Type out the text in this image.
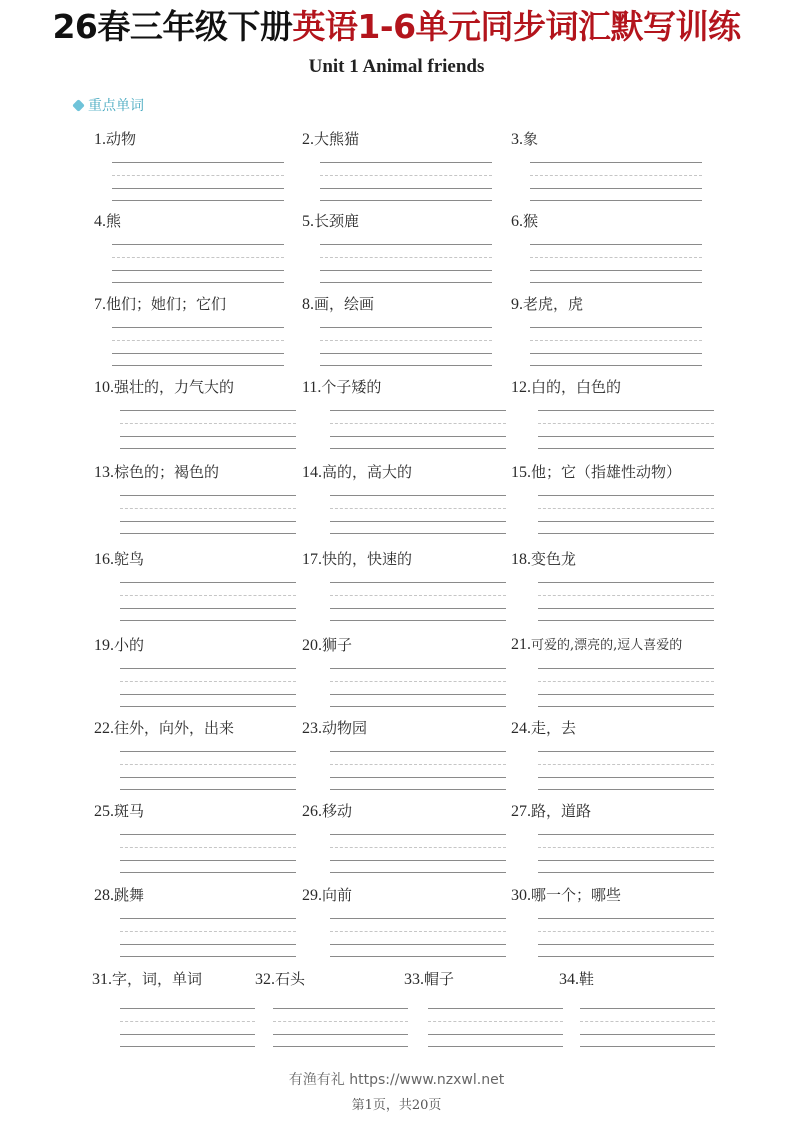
26春三年级下册英语1-6单元同步词汇默写训练
Unit 1 Animal friends
重点单词
1.动物	2.大熊猫	3.象
4.熊	5.长颈鹿	6.猴
7.他们；她们；它们	8.画，绘画	9.老虎，虎
10.强壮的，力气大的	11.个子矮的	12.白的，白色的
13.棕色的；褐色的	14.高的，高大的	15.他；它（指雄性动物）
16.鸵鸟	17.快的，快速的	18.变色龙
19.小的	20.狮子	21.可爱的,漂亮的,逗人喜爱的
22.往外，向外，出来	23.动物园	24.走，去
25.斑马	26.移动	27.路，道路
28.跳舞	29.向前	30.哪一个；哪些
31.字，词，单词	32.石头	33.帽子	34.鞋
有渔有礼 https://www.nzxwl.net
第1页，共20页
